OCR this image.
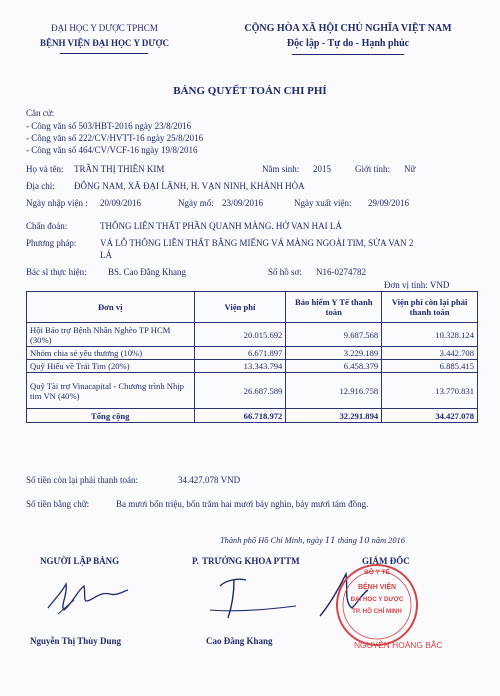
ĐẠI HỌC Y DƯỢC TPHCM
BỆNH VIỆN ĐẠI HỌC Y DƯỢC
CỘNG HÒA XÃ HỘI CHỦ NGHĨA VIỆT NAM
Độc lập - Tự do - Hạnh phúc
BẢNG QUYẾT TOÁN CHI PHÍ
Căn cứ:
- Công văn số 503/HBT-2016 ngày 23/8/2016
- Công văn số 222/CV/HVTT-16 ngày 25/8/2016
- Công văn số 464/CV/VCF-16 ngày 19/8/2016
Họ và tên: TRẦN THỊ THIÊN KIM	Năm sinh: 2015	Giới tính: Nữ
Địa chỉ: ĐÔNG NAM, XÃ ĐẠI LÃNH, H. VẠN NINH, KHÁNH HÒA
Ngày nhập viện : 20/09/2016	Ngày mổ: 23/09/2016	Ngày xuất viện: 29/09/2016
Chẩn đoán:	THÔNG LIÊN THẤT PHẦN QUANH MÀNG. HỞ VAN HAI LÁ
Phương pháp:	VÁ LỖ THÔNG LIÊN THẤT BẰNG MIẾNG VÁ MÀNG NGOÀI TIM, SỬA VAN 2
LÁ
Bác sĩ thực hiện: BS. Cao Đằng Khang	Số hồ sơ: N16-0274782
Đơn vị tính: VND
Đơn vị	Viện phí	Bảo hiểm Y Tế thanh toán	Viện phí còn lại phải thanh toán
Hội Bảo trợ Bệnh Nhân Nghèo TP HCM (30%)	20.015.692	9.687.568	10.328.124
Nhóm chia sẻ yêu thương (10%)	6.671.897	3.229.189	3.442.708
Quỹ Hiếu về Trái Tim (20%)	13.343.794	6.458.379	6.885.415
Quỹ Tài trợ Vinacapital - Chương trình Nhịp tim VN (40%)	26.687.589	12.916.758	13.770.831
Tổng cộng	66.718.972	32.291.894	34.427.078
Số tiền còn lại phải thanh toán:	34.427.078 VND
Số tiền bằng chữ:	Ba mươi bốn triệu, bốn trăm hai mươi bảy nghìn, bảy mươi tám đồng.
Thành phố Hồ Chí Minh, ngày 11 tháng 10 năm 2016
NGƯỜI LẬP BẢNG	P. TRƯỞNG KHOA PTTM	GIÁM ĐỐC
BỘ Y TẾ
BỆNH VIỆN
ĐẠI HỌC Y DƯỢC
TP. HỒ CHÍ MINH
Nguyễn Thị Thùy Dung	Cao Đằng Khang	NGUYỄN HOÀNG BẮC
